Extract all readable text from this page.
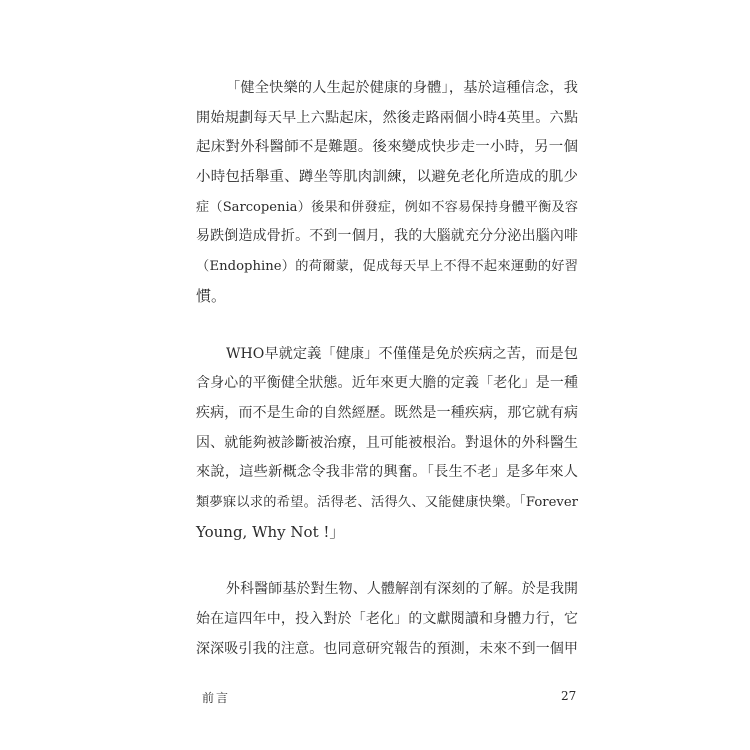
「健全快樂的人生起於健康的身體」，基於這種信念，我
開始規劃每天早上六點起床，然後走路兩個小時4英里。六點
起床對外科醫師不是難題。後來變成快步走一小時，另一個
小時包括舉重、蹲坐等肌肉訓練，以避免老化所造成的肌少
症（Sarcopenia）後果和併發症，例如不容易保持身體平衡及容
易跌倒造成骨折。不到一個月，我的大腦就充分分泌出腦內啡
（Endophine）的荷爾蒙，促成每天早上不得不起來運動的好習
慣。

WHO早就定義「健康」不僅僅是免於疾病之苦，而是包
含身心的平衡健全狀態。近年來更大膽的定義「老化」是一種
疾病，而不是生命的自然經歷。既然是一種疾病，那它就有病
因、就能夠被診斷被治療，且可能被根治。對退休的外科醫生
來說，這些新概念令我非常的興奮。「長生不老」是多年來人
類夢寐以求的希望。活得老、活得久、又能健康快樂。「Forever
Young, Why Not !」

外科醫師基於對生物、人體解剖有深刻的了解。於是我開
始在這四年中，投入對於「老化」的文獻閱讀和身體力行，它
深深吸引我的注意。也同意研究報告的預測，未來不到一個甲

前言	27
